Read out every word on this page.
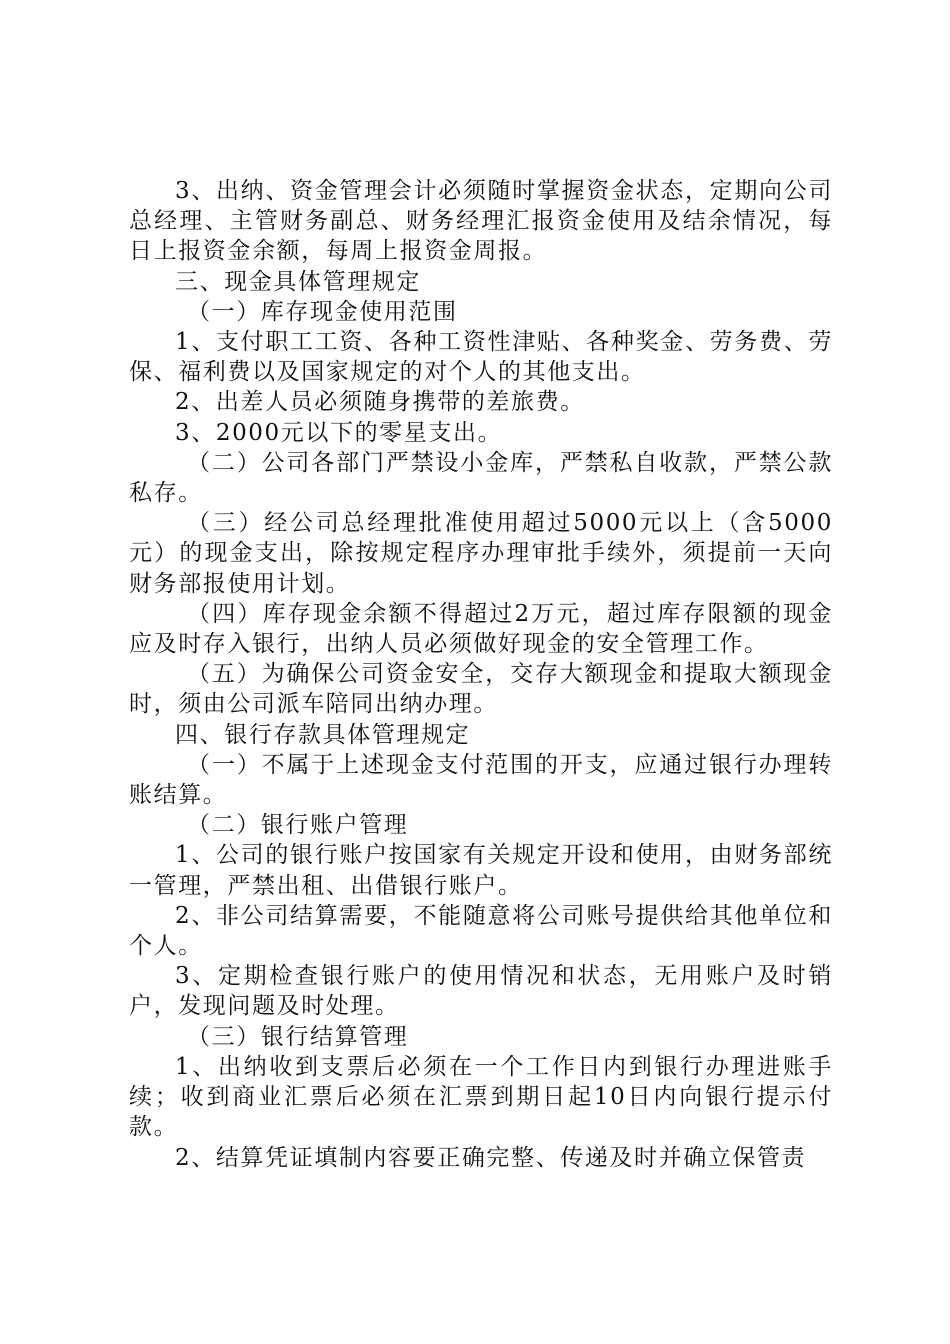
3、出纳、资金管理会计必须随时掌握资金状态，定期向公司总经理、主管财务副总、财务经理汇报资金使用及结余情况，每日上报资金余额，每周上报资金周报。

三、现金具体管理规定

（一）库存现金使用范围

1、支付职工工资、各种工资性津贴、各种奖金、劳务费、劳保、福利费以及国家规定的对个人的其他支出。

2、出差人员必须随身携带的差旅费。

3、2000元以下的零星支出。

（二）公司各部门严禁设小金库，严禁私自收款，严禁公款私存。

（三）经公司总经理批准使用超过5000元以上（含5000元）的现金支出，除按规定程序办理审批手续外，须提前一天向财务部报使用计划。

（四）库存现金余额不得超过2万元，超过库存限额的现金应及时存入银行，出纳人员必须做好现金的安全管理工作。

（五）为确保公司资金安全，交存大额现金和提取大额现金时，须由公司派车陪同出纳办理。

四、银行存款具体管理规定

（一）不属于上述现金支付范围的开支，应通过银行办理转账结算。

（二）银行账户管理

1、公司的银行账户按国家有关规定开设和使用，由财务部统一管理，严禁出租、出借银行账户。

2、非公司结算需要，不能随意将公司账号提供给其他单位和个人。

3、定期检查银行账户的使用情况和状态，无用账户及时销户，发现问题及时处理。

（三）银行结算管理

1、出纳收到支票后必须在一个工作日内到银行办理进账手续；收到商业汇票后必须在汇票到期日起10日内向银行提示付款。

2、结算凭证填制内容要正确完整、传递及时并确立保管责
